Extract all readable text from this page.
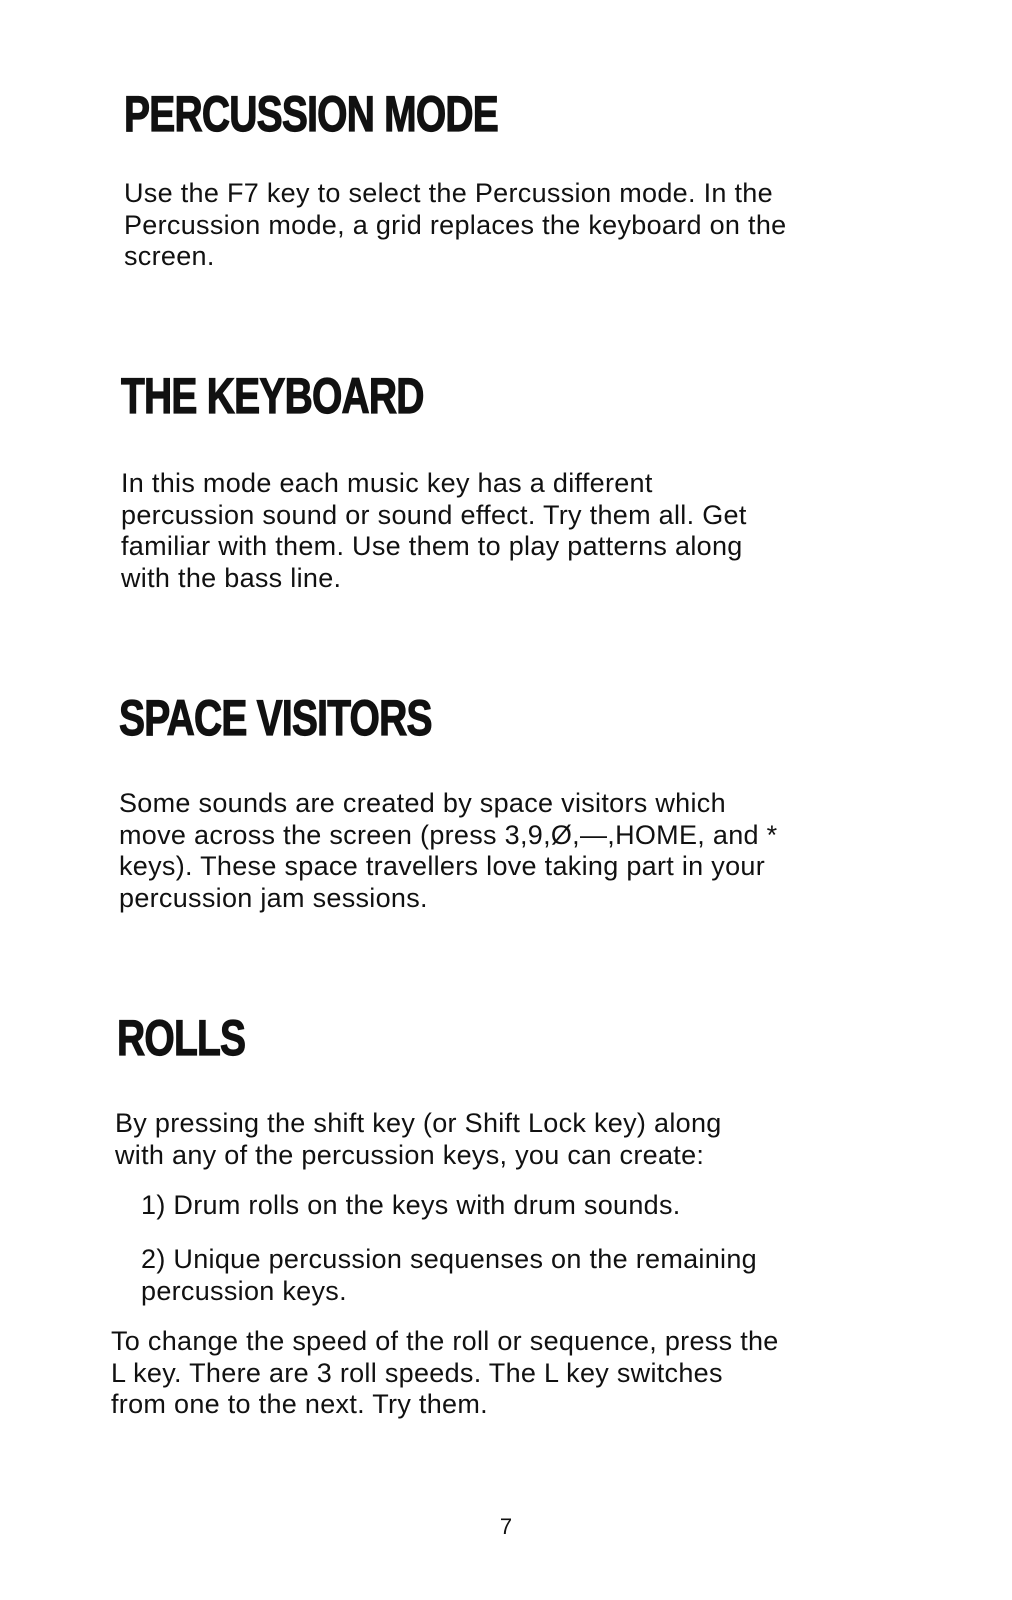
PERCUSSION MODE

Use the F7 key to select the Percussion mode. In the
Percussion mode, a grid replaces the keyboard on the
screen.

THE KEYBOARD

In this mode each music key has a different
percussion sound or sound effect. Try them all. Get
familiar with them. Use them to play patterns along
with the bass line.

SPACE VISITORS

Some sounds are created by space visitors which
move across the screen (press 3,9,Ø,—,HOME, and *
keys). These space travellers love taking part in your
percussion jam sessions.

ROLLS

By pressing the shift key (or Shift Lock key) along
with any of the percussion keys, you can create:

1) Drum rolls on the keys with drum sounds.

2) Unique percussion sequenses on the remaining
percussion keys.

To change the speed of the roll or sequence, press the
L key. There are 3 roll speeds. The L key switches
from one to the next. Try them.

7
